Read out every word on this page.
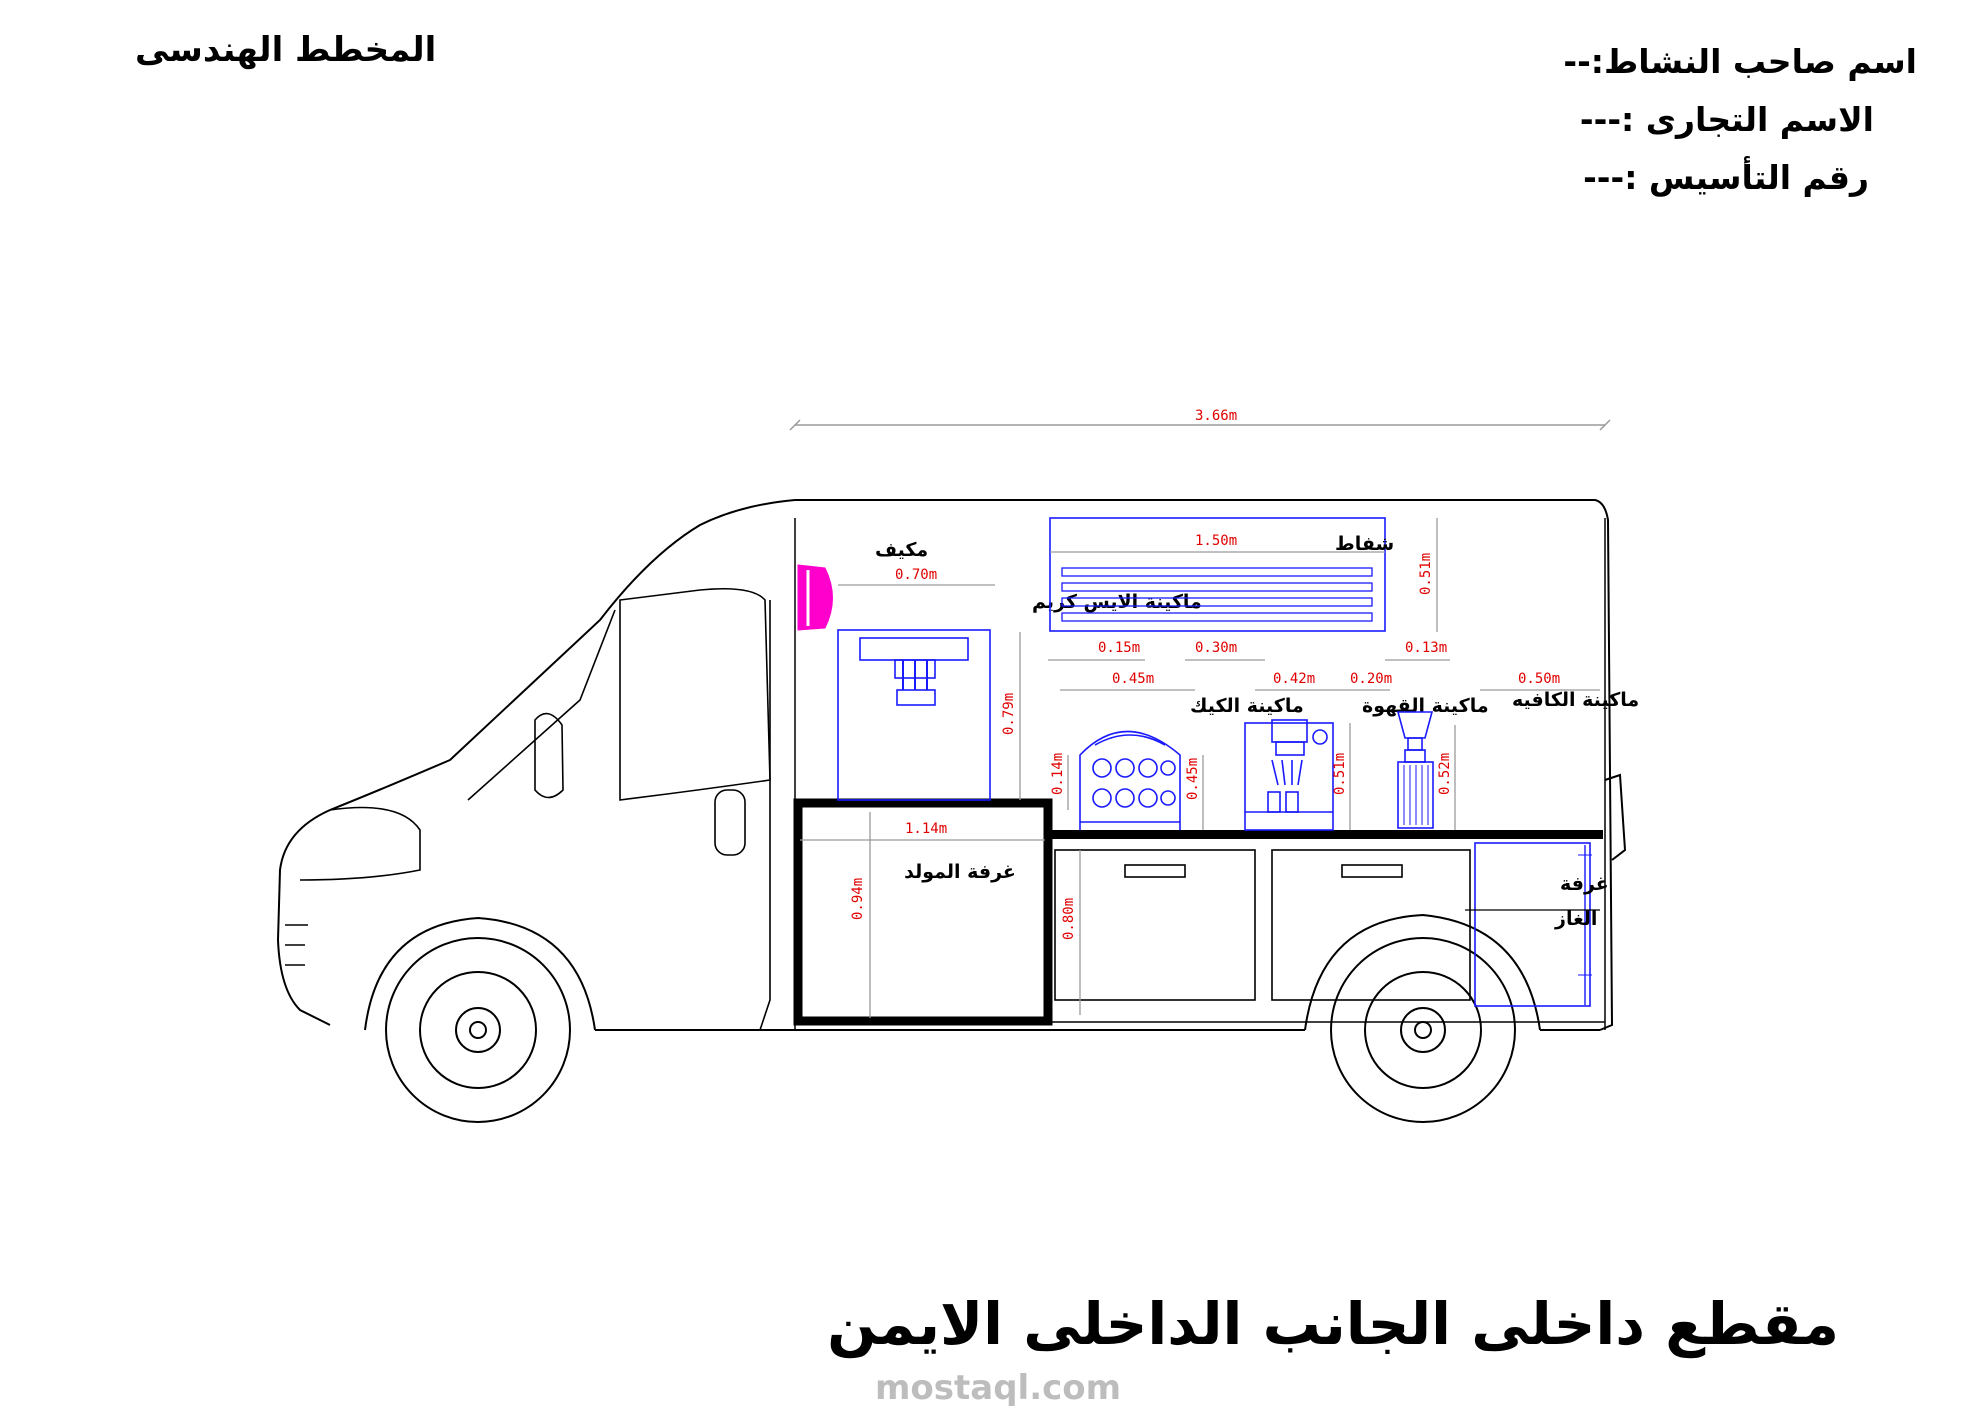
المخطط الهندسى	اسم صاحب النشاط:--
الاسم التجارى :---
رقم التأسيس :---
3.66m
غرفة المولد
1.14m
0.94m	0.80m
غرفة
الغاز
مكيف
ماكينة الايس كريم
0.70m
0.79m
1.50m	شفاط
0.51m
0.15m	0.30m	0.13m
0.45m	0.42m 0.20m	0.50m
ماكينة الكيك	ماكينة القهوة ماكينة الكافيه
0.14m	0.45m	0.51m	0.52m
مقطع داخلى الجانب الداخلى الايمن
mostaql.com
